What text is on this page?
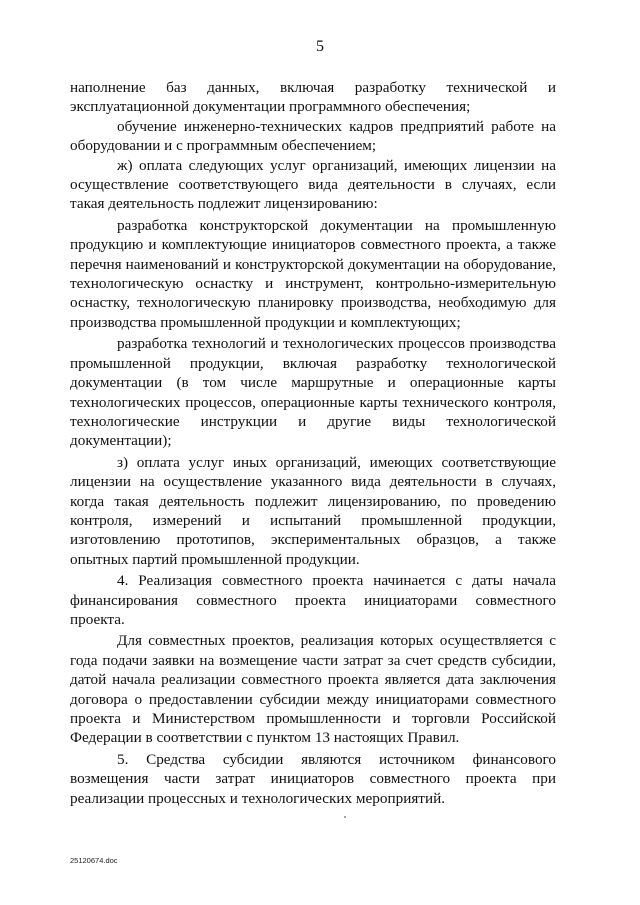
5

наполнение баз данных, включая разработку технической и эксплуатационной документации программного обеспечения;

обучение инженерно-технических кадров предприятий работе на оборудовании и с программным обеспечением;

ж) оплата следующих услуг организаций, имеющих лицензии на осуществление соответствующего вида деятельности в случаях, если такая деятельность подлежит лицензированию:

разработка конструкторской документации на промышленную продукцию и комплектующие инициаторов совместного проекта, а также перечня наименований и конструкторской документации на оборудование, технологическую оснастку и инструмент, контрольно-измерительную оснастку, технологическую планировку производства, необходимую для производства промышленной продукции и комплектующих;

разработка технологий и технологических процессов производства промышленной продукции, включая разработку технологической документации (в том числе маршрутные и операционные карты технологических процессов, операционные карты технического контроля, технологические инструкции и другие виды технологической документации);

з) оплата услуг иных организаций, имеющих соответствующие лицензии на осуществление указанного вида деятельности в случаях, когда такая деятельность подлежит лицензированию, по проведению контроля, измерений и испытаний промышленной продукции, изготовлению прототипов, экспериментальных образцов, а также опытных партий промышленной продукции.

4. Реализация совместного проекта начинается с даты начала финансирования совместного проекта инициаторами совместного проекта.

Для совместных проектов, реализация которых осуществляется с года подачи заявки на возмещение части затрат за счет средств субсидии, датой начала реализации совместного проекта является дата заключения договора о предоставлении субсидии между инициаторами совместного проекта и Министерством промышленности и торговли Российской Федерации в соответствии с пунктом 13 настоящих Правил.

5. Средства субсидии являются источником финансового возмещения части затрат инициаторов совместного проекта при реализации процессных и технологических мероприятий.

25120674.doc
